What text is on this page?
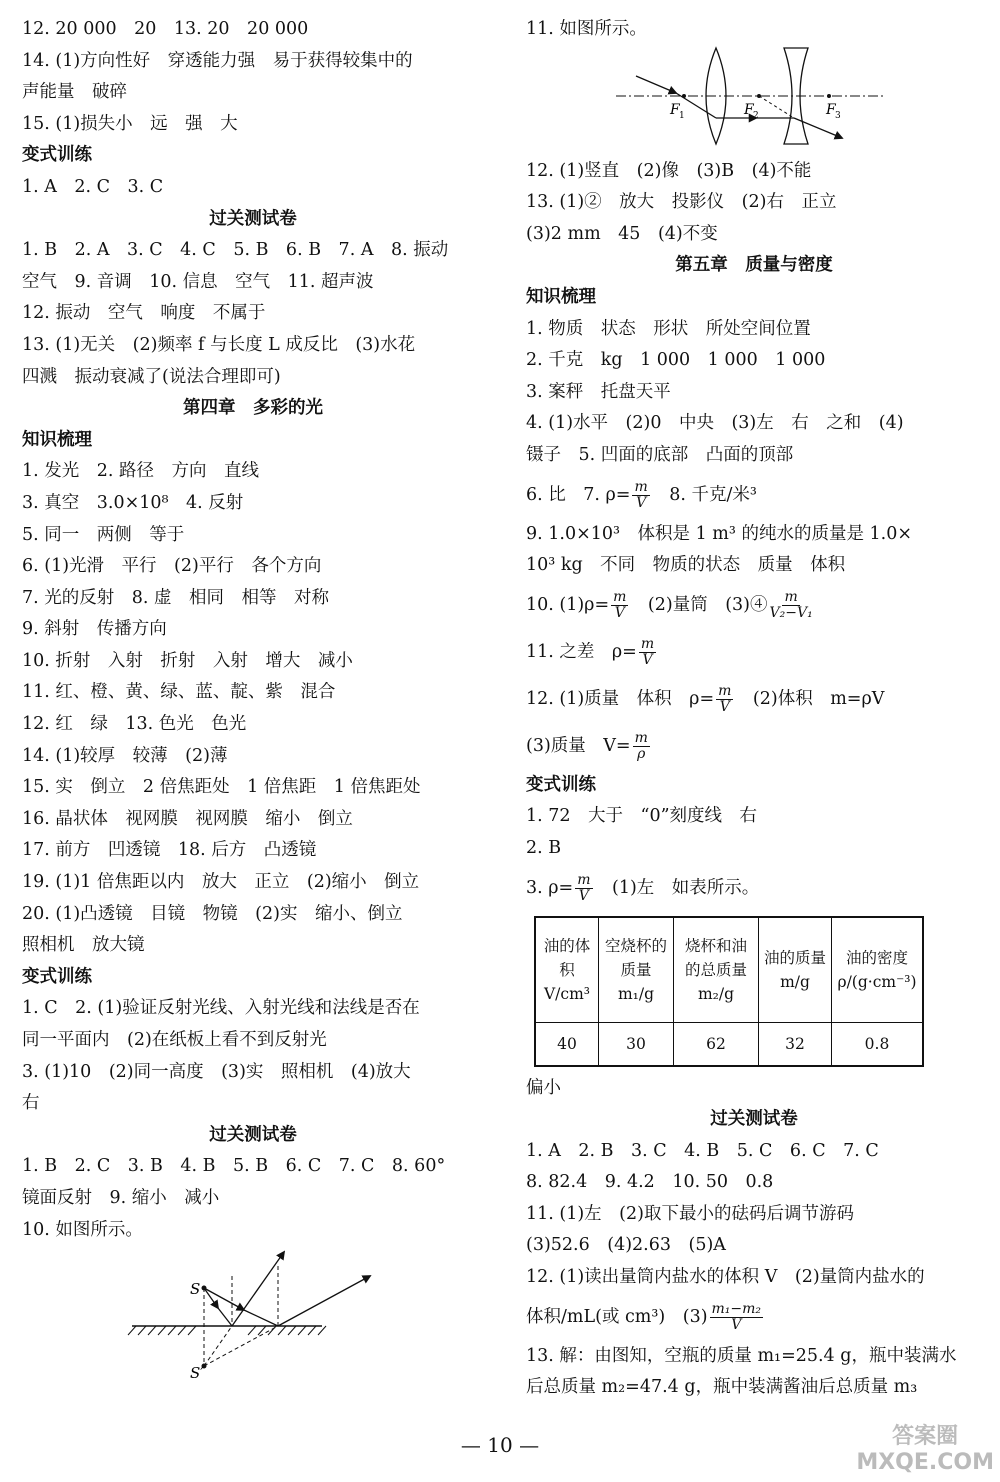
12. 20 000　20　13. 20　20 000
14. (1)方向性好　穿透能力强　易于获得较集中的
声能量　破碎
15. (1)损失小　远　强　大
变式训练
1. A　2. C　3. C
过关测试卷
1. B　2. A　3. C　4. C　5. B　6. B　7. A　8. 振动
空气　9. 音调　10. 信息　空气　11. 超声波
12. 振动　空气　响度　不属于
13. (1)无关　(2)频率 f 与长度 L 成反比　(3)水花
四溅　振动衰减了(说法合理即可)
第四章　多彩的光
知识梳理
1. 发光　2. 路径　方向　直线
3. 真空　3.0×10⁸　4. 反射
5. 同一　两侧　等于
6. (1)光滑　平行　(2)平行　各个方向
7. 光的反射　8. 虚　相同　相等　对称
9. 斜射　传播方向
10. 折射　入射　折射　入射　增大　减小
11. 红、橙、黄、绿、蓝、靛、紫　混合
12. 红　绿　13. 色光　色光
14. (1)较厚　较薄　(2)薄
15. 实　倒立　2 倍焦距处　1 倍焦距　1 倍焦距处
16. 晶状体　视网膜　视网膜　缩小　倒立
17. 前方　凹透镜　18. 后方　凸透镜
19. (1)1 倍焦距以内　放大　正立　(2)缩小　倒立
20. (1)凸透镜　目镜　物镜　(2)实　缩小、倒立
照相机　放大镜
变式训练
1. C　2. (1)验证反射光线、入射光线和法线是否在
同一平面内　(2)在纸板上看不到反射光
3. (1)10　(2)同一高度　(3)实　照相机　(4)放大
右
过关测试卷
1. B　2. C　3. B　4. B　5. B　6. C　7. C　8. 60°
镜面反射　9. 缩小　减小
10. 如图所示。
S
S′
11. 如图所示。
F 1	F 2	F 3
12. (1)竖直　(2)像　(3)B　(4)不能
13. (1)②　放大　投影仪　(2)右　正立
(3)2 mm　45　(4)不变
第五章　质量与密度
知识梳理
1. 物质　状态　形状　所处空间位置
2. 千克　kg　1 000　1 000　1 000
3. 案秤　托盘天平
4. (1)水平　(2)0　中央　(3)左　右　之和　(4)
镊子　5. 凹面的底部　凸面的顶部
6. 比　7. $\rho= \frac{m}{V}$ 　8. 千克/米³
9. 1.0×10³　体积是 1 m³ 的纯水的质量是 1.0×
10³ kg　不同　物质的状态　质量　体积
10. $(1)\rho= \frac{m}{V}$ 　(2)量筒　(3)④ $\frac{m}{\text{V₂−V₁}}$
11. 之差　$\rho= \frac{m}{V}$
12. (1)质量　体积　$\rho= \frac{m}{V}$ 　(2)体积　m=ρV
(3)质量　$V= \frac{m}{\rho}$
变式训练
1. 72　大于　“0”刻度线　右
2. B
3. $\rho= \frac{m}{V}$ 　(1)左　如表所示。
油的体积 V/cm³	空烧杯的质量 m₁/g	烧杯和油的总质量 m₂/g	油的质量 m/g	油的密度 ρ/(g·cm⁻³)
40	30	62	32	0.8
偏小
过关测试卷
1. A　2. B　3. C　4. B　5. C　6. C　7. C
8. 82.4　9. 4.2　10. 50　0.8
11. (1)左　(2)取下最小的砝码后调节游码
(3)52.6　(4)2.63　(5)A
12. (1)读出量筒内盐水的体积 V　(2)量筒内盐水的
体积/mL(或 cm³)　$(3) \frac{\text{m₁−m₂}}{V}$
13. 解：由图知，空瓶的质量 m₁=25.4 g，瓶中装满水
后总质量 m₂=47.4 g，瓶中装满酱油后总质量 m₃
— 10 —	答案圈
MXQE.COM
